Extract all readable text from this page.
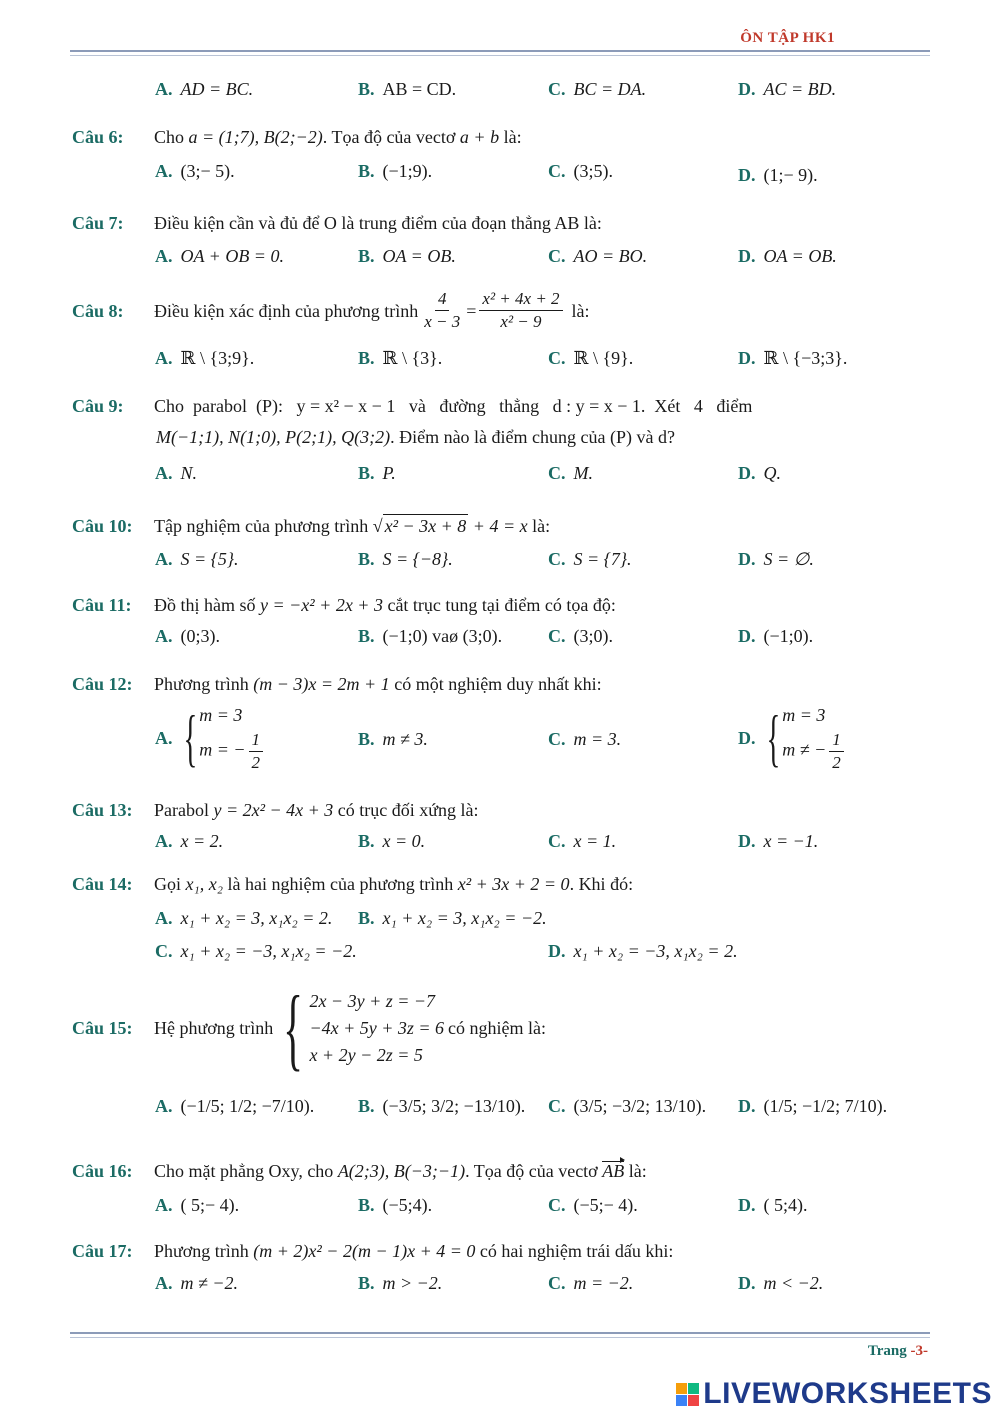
ÔN TẬP HK1
A. AD = BC.	B. AB = CD.	C. BC = DA.	D. AC = BD.
Câu 6: Cho a = (1;7), B(2;−2). Tọa độ của vectơ a + b là:
A. (3;− 5).	B. (−1;9).	C. (3;5).	D. (1;− 9).
Câu 7: Điều kiện cần và đủ để O là trung điểm của đoạn thẳng AB là:
A. OA + OB = 0.	B. OA = OB.	C. AO = BO.	D. OA = OB.
Câu 8:	Điều kiện xác định của phương trình $\frac{4}{x - 3} = \frac{\text{x² + 4x + 2}}{\text{x² − 9}}$ là:
A. ℝ \ {3;9}.	B. ℝ \ {3}.	C. ℝ \ {9}.	D. ℝ \ {−3;3}.
Câu 9: Cho  parabol  (P):   y = x² − x − 1   và   đường   thẳng   d : y = x − 1.  Xét   4   điểm
M(−1;1), N(1;0), P(2;1), Q(3;2). Điểm nào là điểm chung của (P) và d?
A. N.	B. P.	C. M.	D. Q.
Câu 10: Tập nghiệm của phương trình √ x² − 3x + 8 + 4 = x là:
A. S = {5}.	B. S = {−8}.	C. S = {7}.	D. S = ∅.
Câu 11: Đồ thị hàm số y = −x² + 2x + 3 cắt trục tung tại điểm có tọa độ:
A. (0;3).	B. (−1;0) vaø (3;0).	C. (3;0).	D. (−1;0).
Câu 12: Phương trình (m − 3)x = 2m + 1 có một nghiệm duy nhất khi:
A. { m = 3
m = − $\frac{1}{2}$	B. m ≠ 3.	C. m = 3.	D. { m = 3
m ≠ − $\frac{1}{2}$
Câu 13: Parabol y = 2x² − 4x + 3 có trục đối xứng là:
A. x = 2.	B. x = 0.	C. x = 1.	D. x = −1.
Câu 14: Gọi x₁, x₂ là hai nghiệm của phương trình x² + 3x + 2 = 0. Khi đó:
A. x₁ + x₂ = 3, x₁x₂ = 2. B. x₁ + x₂ = 3, x₁x₂ = −2.
C. x₁ + x₂ = −3, x₁x₂ = −2.	D. x₁ + x₂ = −3, x₁x₂ = 2.
Câu 15:	Hệ phương trình { 2x − 3y + z = −7
−4x + 5y + 3z = 6
x + 2y − 2z = 5
có nghiệm là:
A. (−1/5; 1/2; −7/10). B. (−3/5; 3/2; −13/10). C. (3/5; −3/2; 13/10). D. (1/5; −1/2; 7/10).
Câu 16: Cho mặt phẳng Oxy, cho A(2;3), B(−3;−1). Tọa độ của vectơ AB là:
A. ( 5;− 4).	B. (−5;4).	C. (−5;− 4).	D. ( 5;4).
Câu 17: Phương trình (m + 2)x² − 2(m − 1)x + 4 = 0 có hai nghiệm trái dấu khi:
A. m ≠ −2.	B. m > −2.	C. m = −2.	D. m < −2.
Trang -3-
LIVEWORKSHEETS
